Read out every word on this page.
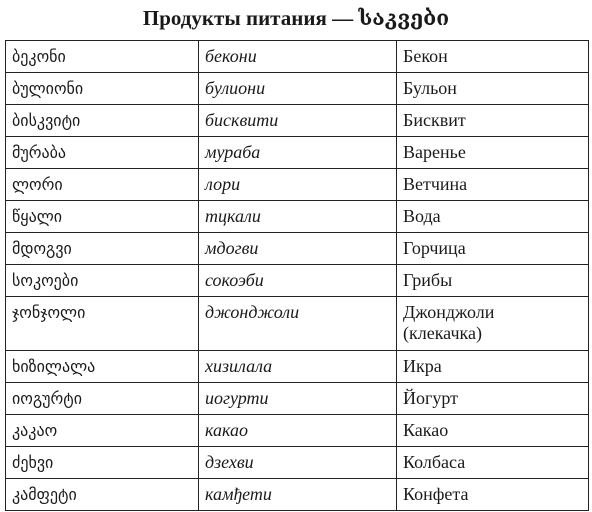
Продукты питания — საკვები
ბეკონი	бекони	Бекон
ბულიონი	булиони	Бульон
ბისკვიტი	бисквити	Бисквит
მურაბა	мураба	Варенье
ლორი	лори	Ветчина
წყალი	тцкали	Вода
მდოგვი	мдогви	Горчица
სოკოები	сокоэби	Грибы
ჯონჯოლი	джонджоли	Джонджоли
(клекачка)

ხიზილალა	хизилала	Икра
იოგურტი	иогурти	Йогурт
კაკაო	какао	Какао
ძეხვი	дзехви	Колбаса
კამფეტი	камђети	Конфета
